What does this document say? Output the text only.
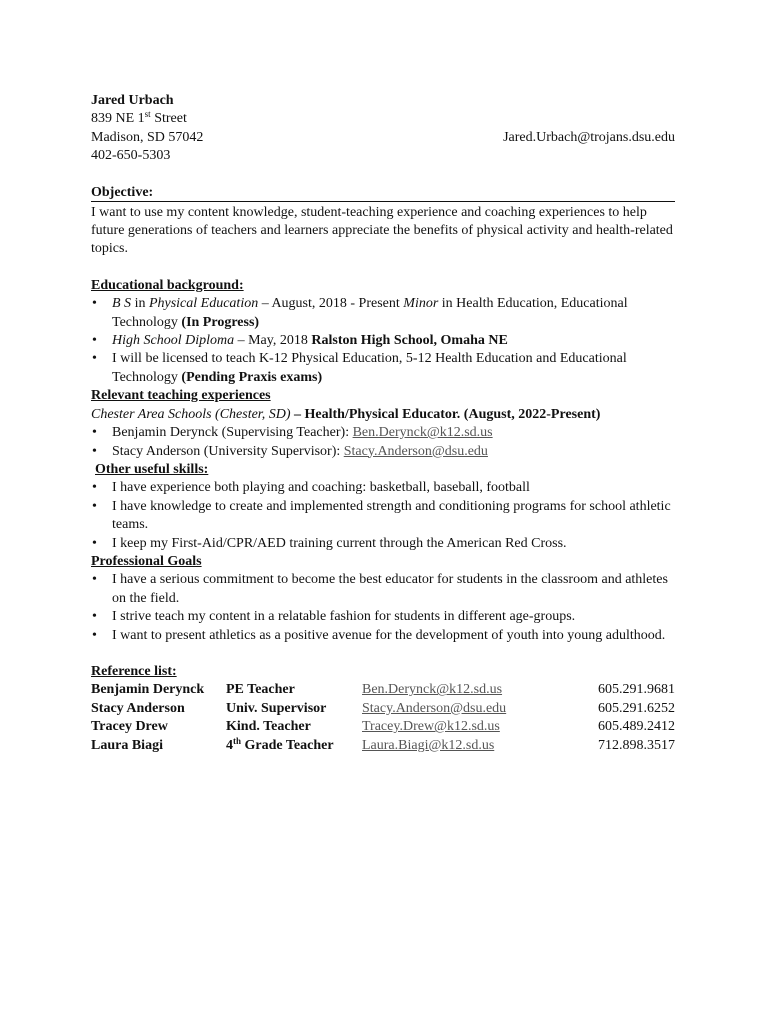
Jared Urbach
839 NE 1st Street
Madison, SD 57042	Jared.Urbach@trojans.dsu.edu
402-650-5303
Objective:
I want to use my content knowledge, student-teaching experience and coaching experiences to help future generations of teachers and learners appreciate the benefits of physical activity and health-related topics.
Educational background:
• B S in Physical Education – August, 2018 - Present Minor in Health Education, Educational Technology (In Progress)
• High School Diploma – May, 2018 Ralston High School, Omaha NE
• I will be licensed to teach K-12 Physical Education, 5-12 Health Education and Educational Technology (Pending Praxis exams)
Relevant teaching experiences
Chester Area Schools (Chester, SD) – Health/Physical Educator. (August, 2022-Present)
• Benjamin Derynck (Supervising Teacher): Ben.Derynck@k12.sd.us
• Stacy Anderson (University Supervisor): Stacy.Anderson@dsu.edu
Other useful skills:
• I have experience both playing and coaching: basketball, baseball, football
• I have knowledge to create and implemented strength and conditioning programs for school athletic teams.
• I keep my First-Aid/CPR/AED training current through the American Red Cross.
Professional Goals
• I have a serious commitment to become the best educator for students in the classroom and athletes on the field.
• I strive teach my content in a relatable fashion for students in different age-groups.
• I want to present athletics as a positive avenue for the development of youth into young adulthood.
Reference list:
Benjamin Derynck	PE Teacher	Ben.Derynck@k12.sd.us	605.291.9681
Stacy Anderson	Univ. Supervisor	Stacy.Anderson@dsu.edu	605.291.6252
Tracey Drew	Kind. Teacher	Tracey.Drew@k12.sd.us	605.489.2412
Laura Biagi	4th Grade Teacher	Laura.Biagi@k12.sd.us	712.898.3517
